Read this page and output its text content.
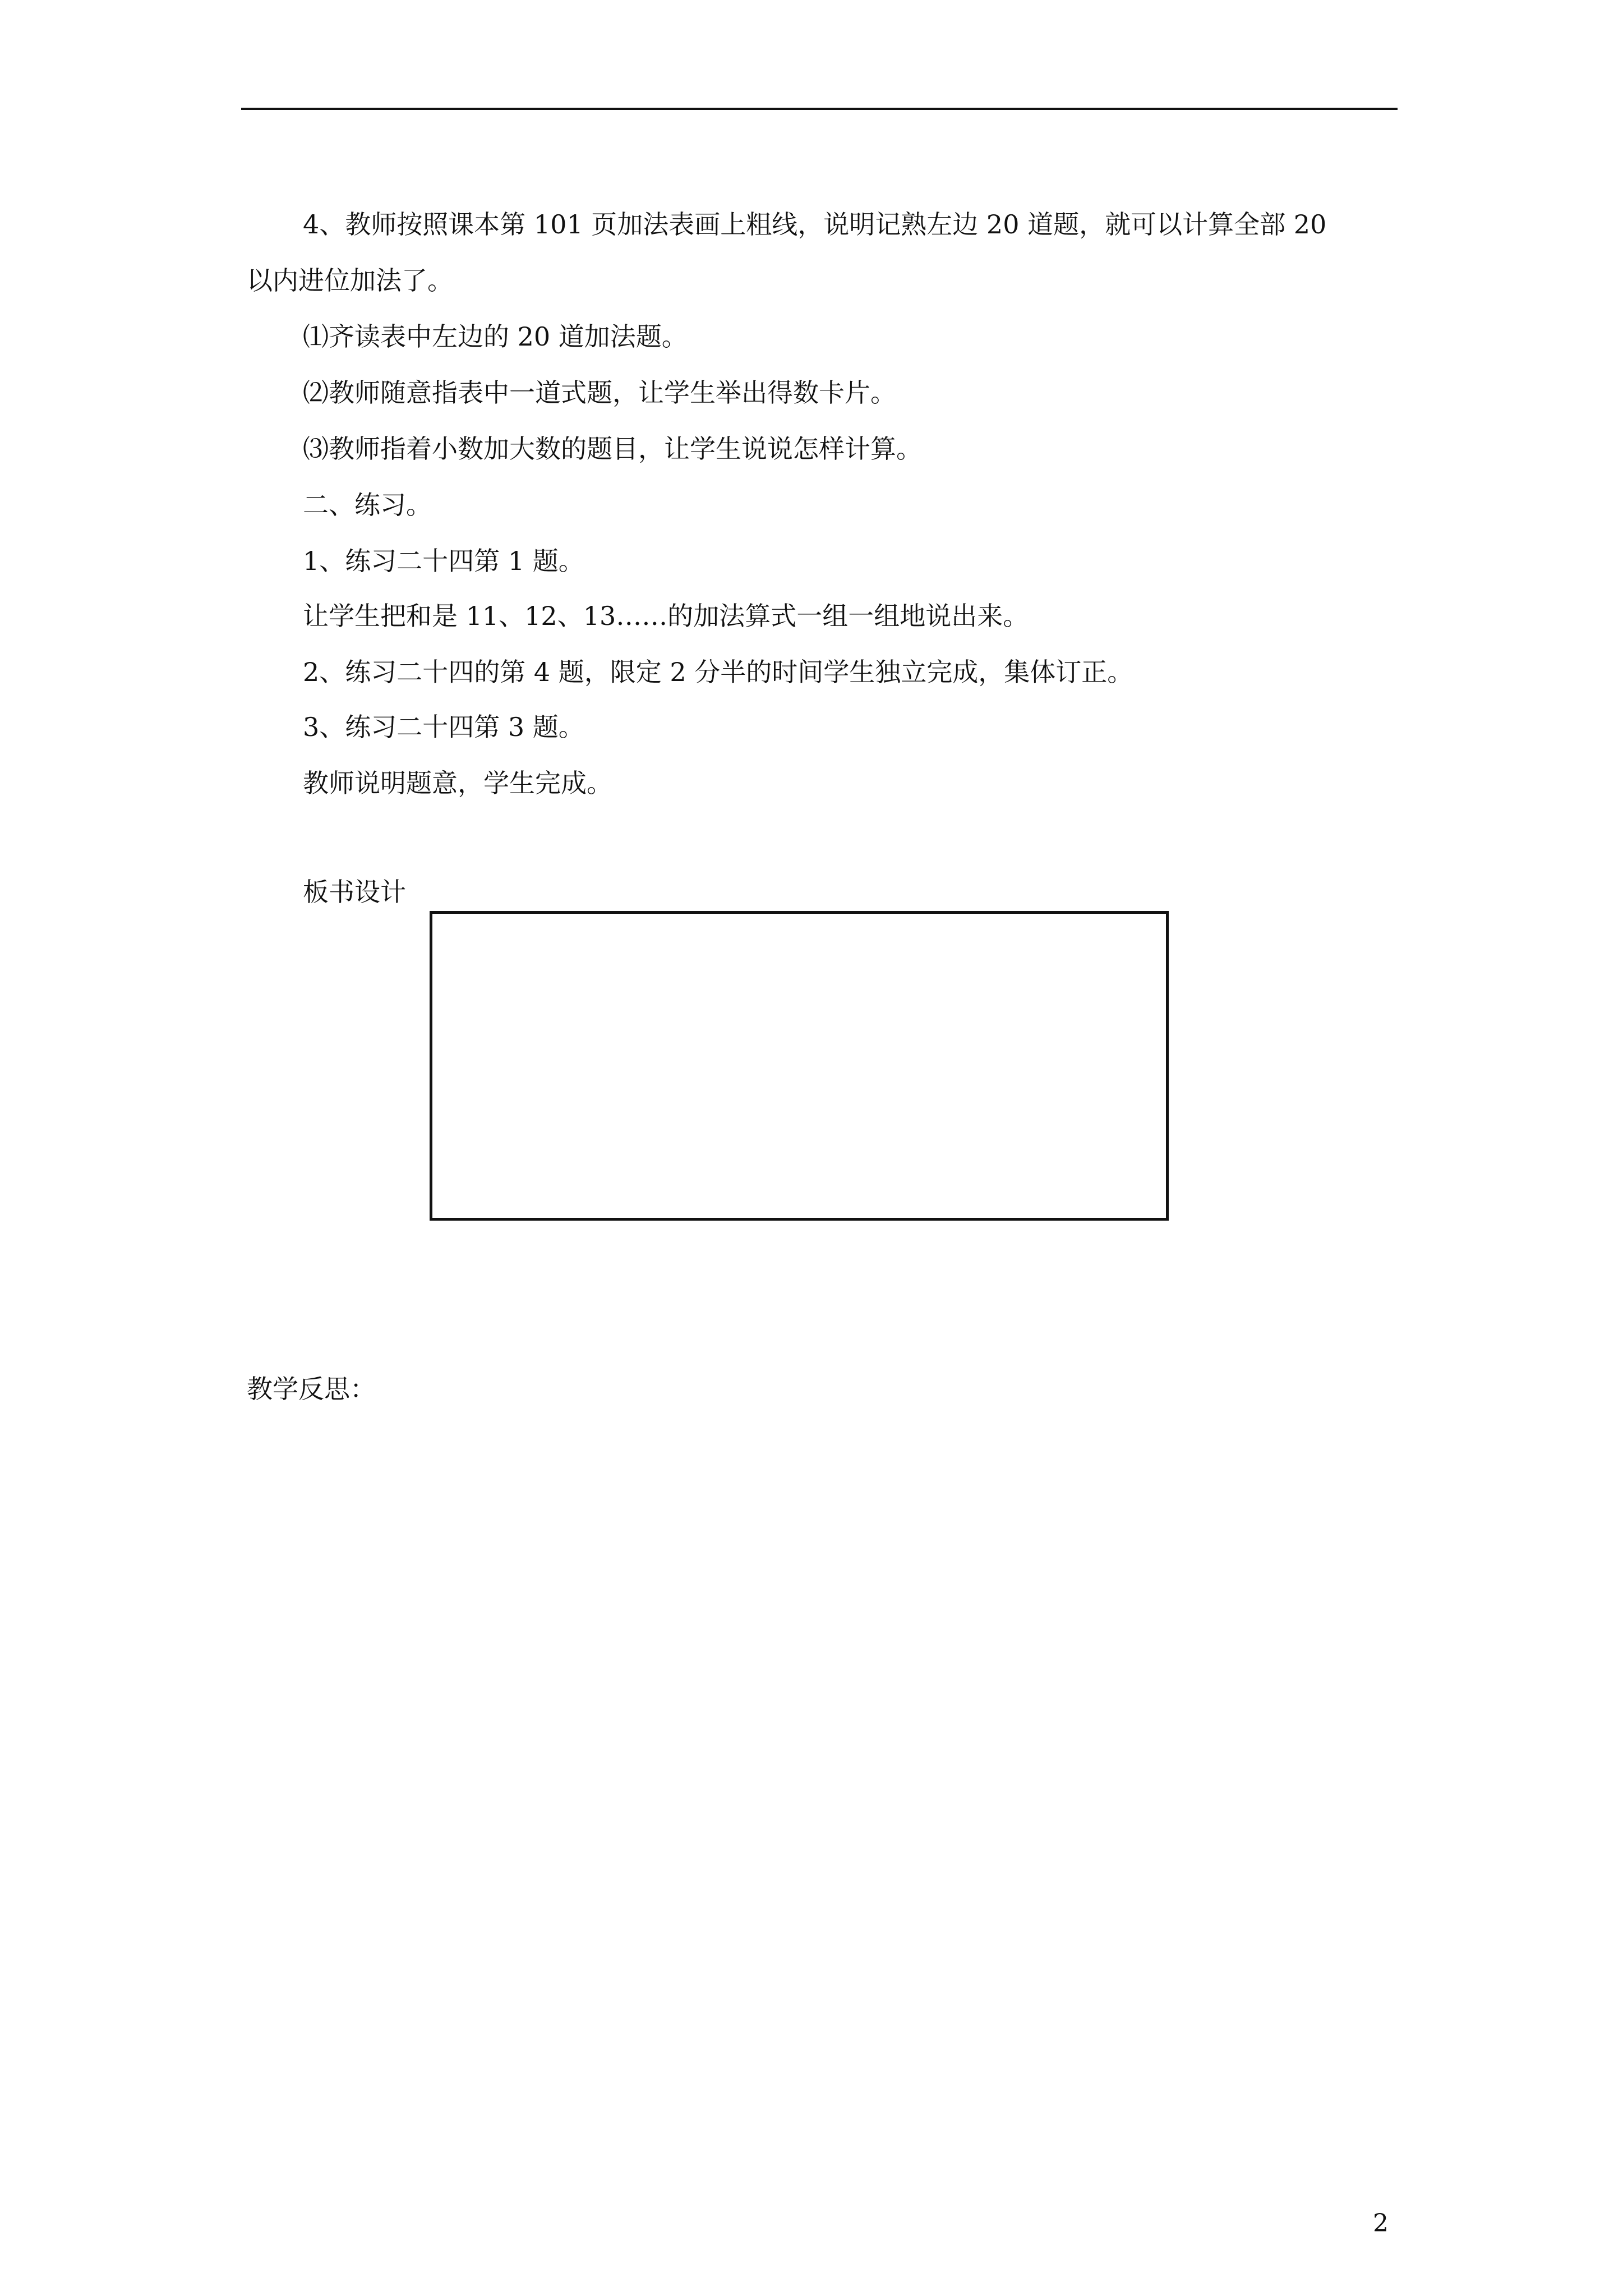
4、教师按照课本第 101 页加法表画上粗线，说明记熟左边 20 道题，就可以计算全部 20
以内进位加法了。
⑴齐读表中左边的 20 道加法题。
⑵教师随意指表中一道式题，让学生举出得数卡片。
⑶教师指着小数加大数的题目，让学生说说怎样计算。
二、练习。
1、练习二十四第 1 题。
让学生把和是 11、12、13……的加法算式一组一组地说出来。
2、练习二十四的第 4 题，限定 2 分半的时间学生独立完成，集体订正。
3、练习二十四第 3 题。
教师说明题意，学生完成。
板书设计
教学反思：
2
